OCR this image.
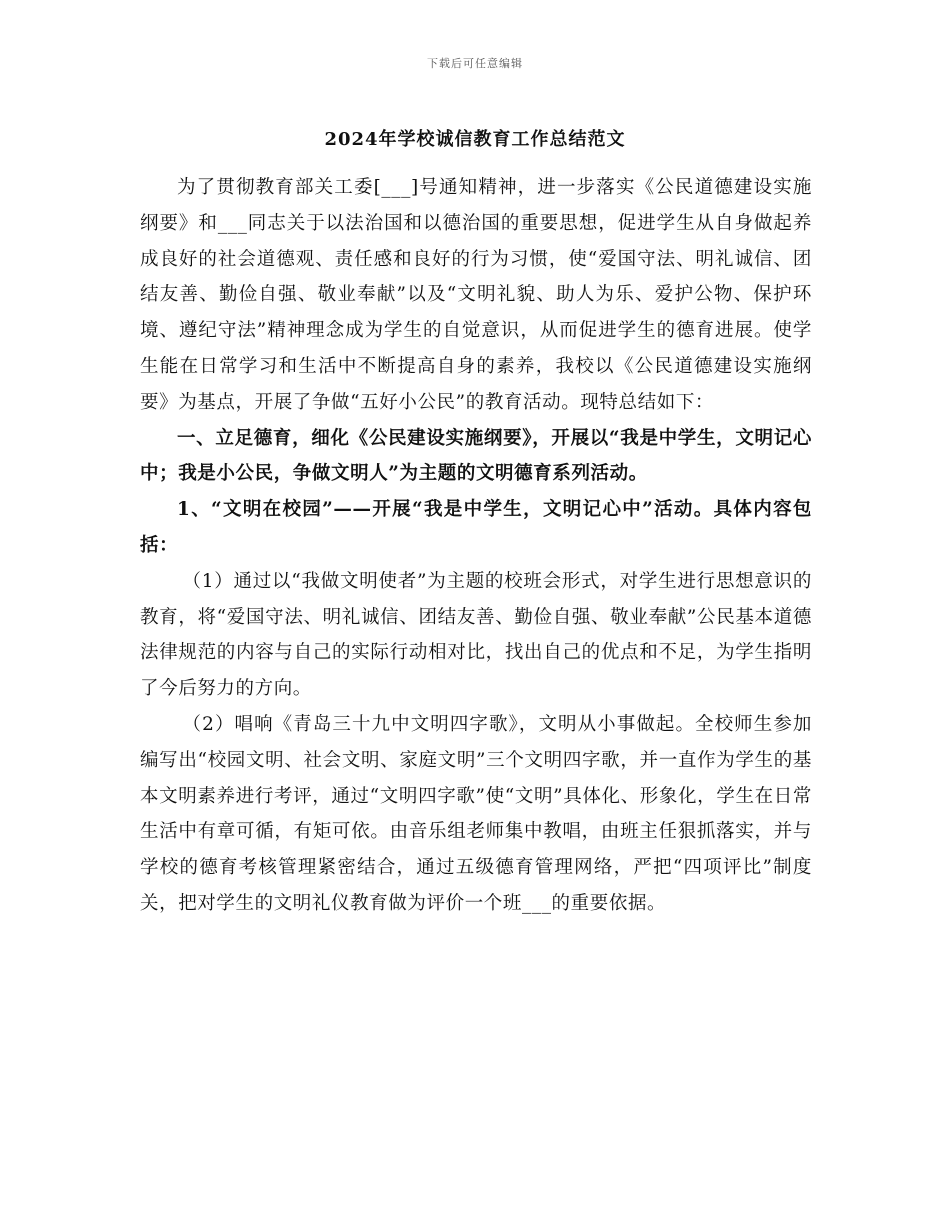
下载后可任意编辑
2024年学校诚信教育工作总结范文

为了贯彻教育部关工委[___]号通知精神，进一步落实《公民道德建设实施纲要》和___同志关于以法治国和以德治国的重要思想，促进学生从自身做起养成良好的社会道德观、责任感和良好的行为习惯，使“爱国守法、明礼诚信、团结友善、勤俭自强、敬业奉献”以及“文明礼貌、助人为乐、爱护公物、保护环境、遵纪守法”精神理念成为学生的自觉意识，从而促进学生的德育进展。使学生能在日常学习和生活中不断提高自身的素养，我校以《公民道德建设实施纲要》为基点，开展了争做“五好小公民”的教育活动。现特总结如下：

一、立足德育，细化《公民建设实施纲要》，开展以“我是中学生，文明记心中；我是小公民，争做文明人”为主题的文明德育系列活动。

1、“文明在校园”——开展“我是中学生，文明记心中”活动。具体内容包括：

（1）通过以“我做文明使者”为主题的校班会形式，对学生进行思想意识的教育，将“爱国守法、明礼诚信、团结友善、勤俭自强、敬业奉献”公民基本道德法律规范的内容与自己的实际行动相对比，找出自己的优点和不足，为学生指明了今后努力的方向。

（2）唱响《青岛三十九中文明四字歌》，文明从小事做起。全校师生参加编写出“校园文明、社会文明、家庭文明”三个文明四字歌，并一直作为学生的基本文明素养进行考评，通过“文明四字歌”使“文明”具体化、形象化，学生在日常生活中有章可循，有矩可依。由音乐组老师集中教唱，由班主任狠抓落实，并与学校的德育考核管理紧密结合，通过五级德育管理网络，严把“四项评比”制度关，把对学生的文明礼仪教育做为评价一个班___的重要依据。
